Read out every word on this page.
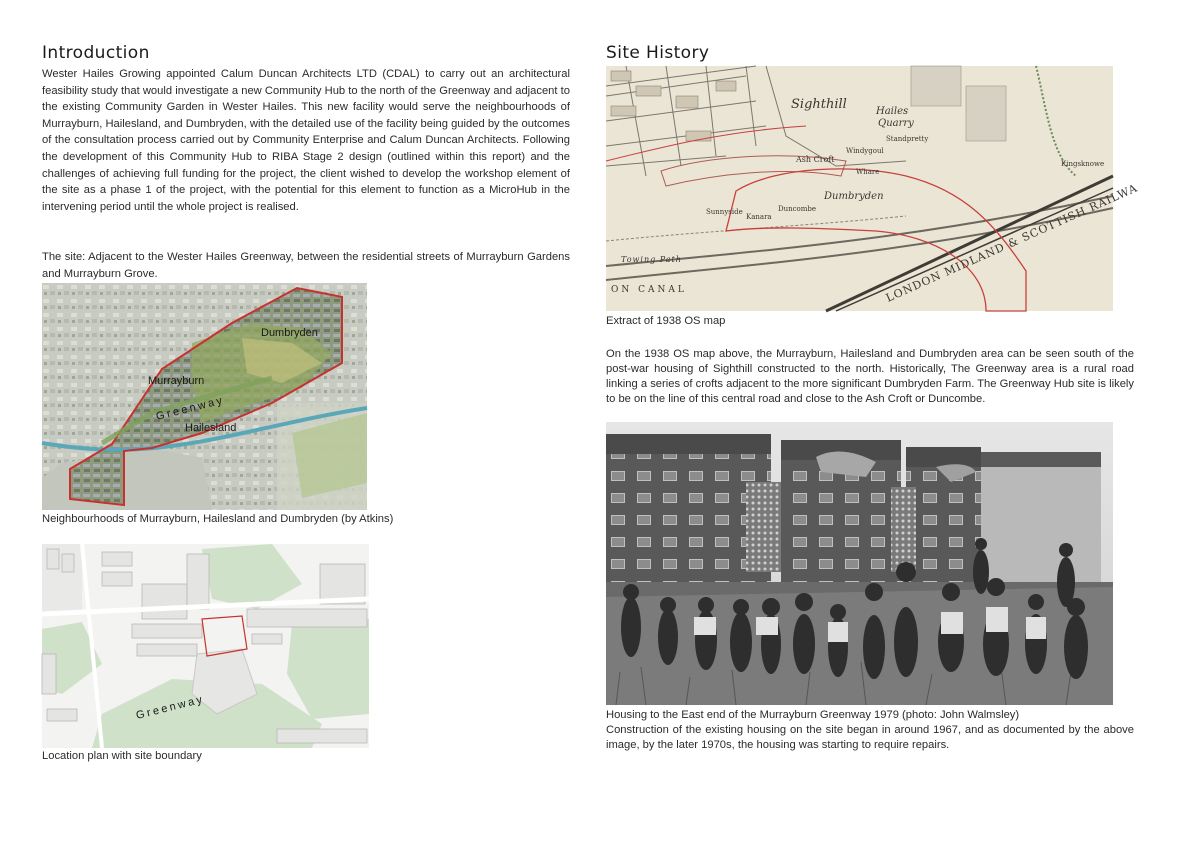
Introduction

Wester Hailes Growing appointed Calum Duncan Architects LTD (CDAL) to carry out an architectural feasibility study that would investigate a new Community Hub to the north of the Greenway and adjacent to the existing Community Garden in Wester Hailes. This new facility would serve the neighbourhoods of Murrayburn, Hailesland, and Dumbryden, with the detailed use of the facility being guided by the outcomes of the consultation process carried out by Community Enterprise and Calum Duncan Architects. Following the development of this Community Hub to RIBA Stage 2 design (outlined within this report) and the challenges of achieving full funding for the project, the client wished to develop the workshop element of the site as a phase 1 of the project, with the potential for this element to function as a MicroHub in the intervening period until the whole project is realised.

The site: Adjacent to the Wester Hailes Greenway, between the residential streets of Murrayburn Gardens and Murrayburn Grove.

Dumbryden
Murrayburn
Greenway
Hailesland

Neighbourhoods of Murrayburn, Hailesland and Dumbryden (by Atkins)

Greenway

Location plan with site boundary

Site History
Sighthill	Hailes
Quarry
Standpretty
Ash Croft
Windygoul
Whare
Dumbryden
Duncombe
Kanara
Sunnyside
Kingsknowe
Towing Path
ON CANAL	LONDON MIDLAND & SCOTTISH RAILWA

Extract of 1938 OS map

On the 1938 OS map above, the Murrayburn, Hailesland and Dumbryden area can be seen south of the post-war housing of Sighthill constructed to the north. Historically, The Greenway area is a rural road linking a series of crofts adjacent to the more significant Dumbryden Farm. The Greenway Hub site is likely to be on the line of this central road and close to the Ash Croft or Duncombe.

Housing to the East end of the Murrayburn Greenway 1979 (photo: John Walmsley)

Construction of the existing housing on the site began in around 1967, and as documented by the above image, by the later 1970s, the housing was starting to require repairs.
